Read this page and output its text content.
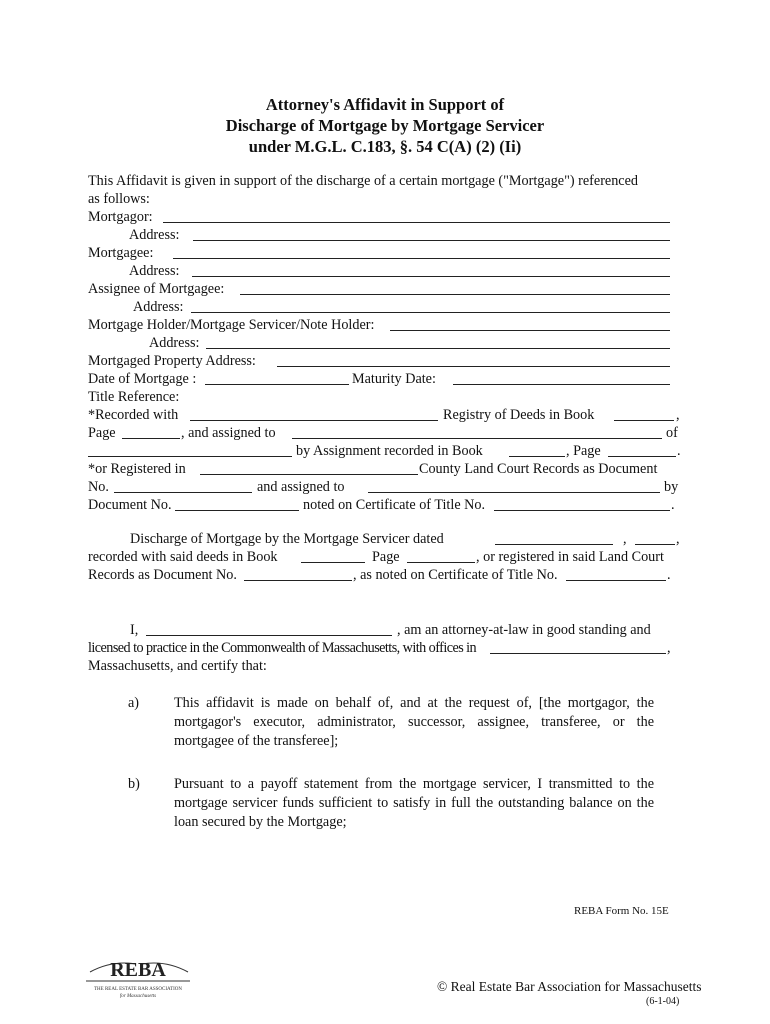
Attorney's Affidavit in Support of
Discharge of Mortgage by Mortgage Servicer
under M.G.L. C.183, §. 54 C(A) (2) (Ii)
This Affidavit is given in support of the discharge of a certain mortgage ("Mortgage") referenced
as follows:
Mortgagor:
Address:
Mortgagee:
Address:
Assignee of Mortgagee:
Address:
Mortgage Holder/Mortgage Servicer/Note Holder:
Address:
Mortgaged Property Address:
Date of Mortgage :	Maturity Date:
Title Reference:
*Recorded with	Registry of Deeds in Book	,
Page	, and assigned to	of
by Assignment recorded in Book	, Page	.
*or Registered in	County Land Court Records as Document
No.	and assigned to	by
Document No.	noted on Certificate of Title No.	.
Discharge of Mortgage by the Mortgage Servicer dated	,	,
recorded with said deeds in Book	Page	, or registered in said Land Court
Records as Document No.	, as noted on Certificate of Title No.	.
I,	, am an attorney-at-law in good standing and
licensed to practice in the Commonwealth of Massachusetts, with offices in	,
Massachusetts, and certify that:
a) This affidavit is made on behalf of, and at the request of, [the mortgagor, the mortgagor's executor, administrator, successor, assignee, transferee, or the mortgagee of the transferee];
b) Pursuant to a payoff statement from the mortgage servicer, I transmitted to the mortgage servicer funds sufficient to satisfy in full the outstanding balance on the loan secured by the Mortgage;
REBA Form No. 15E
REBA
THE REAL ESTATE BAR ASSOCIATION
for Massachusetts
© Real Estate Bar Association for Massachusetts
(6-1-04)
